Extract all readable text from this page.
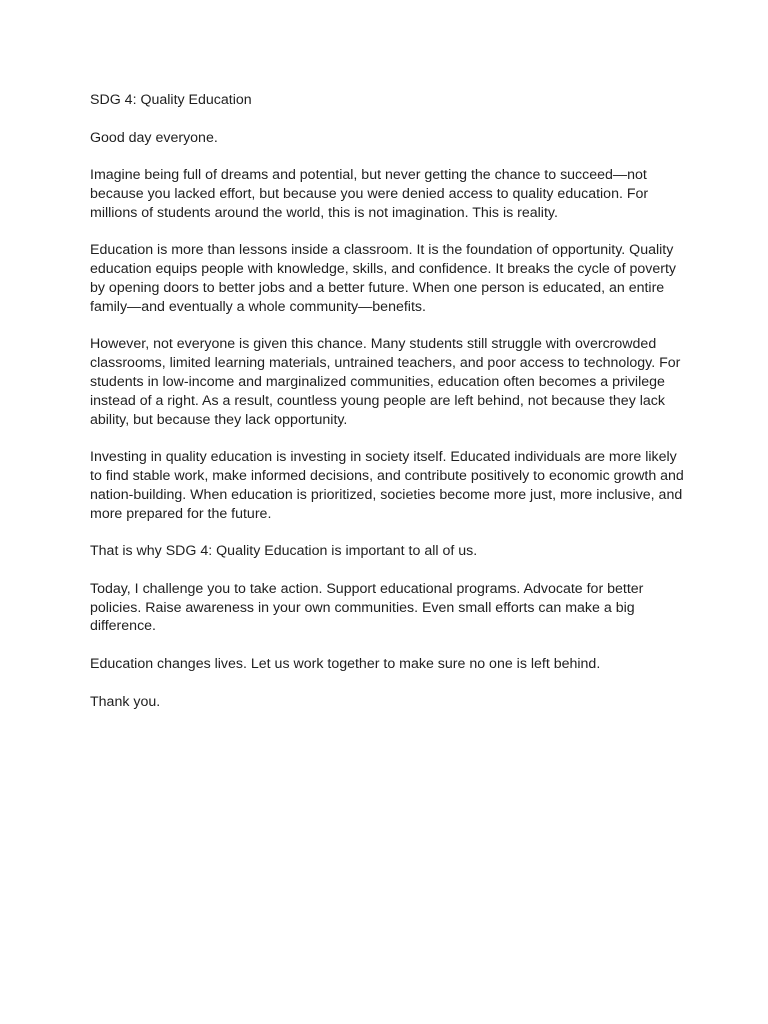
SDG 4: Quality Education

Good day everyone.

Imagine being full of dreams and potential, but never getting the chance to succeed—not because you lacked effort, but because you were denied access to quality education. For millions of students around the world, this is not imagination. This is reality.

Education is more than lessons inside a classroom. It is the foundation of opportunity. Quality education equips people with knowledge, skills, and confidence. It breaks the cycle of poverty by opening doors to better jobs and a better future. When one person is educated, an entire family—and eventually a whole community—benefits.

However, not everyone is given this chance. Many students still struggle with overcrowded classrooms, limited learning materials, untrained teachers, and poor access to technology. For students in low-income and marginalized communities, education often becomes a privilege instead of a right. As a result, countless young people are left behind, not because they lack ability, but because they lack opportunity.

Investing in quality education is investing in society itself. Educated individuals are more likely to find stable work, make informed decisions, and contribute positively to economic growth and nation-building. When education is prioritized, societies become more just, more inclusive, and more prepared for the future.

That is why SDG 4: Quality Education is important to all of us.

Today, I challenge you to take action. Support educational programs. Advocate for better policies. Raise awareness in your own communities. Even small efforts can make a big difference.

Education changes lives. Let us work together to make sure no one is left behind.

Thank you.
